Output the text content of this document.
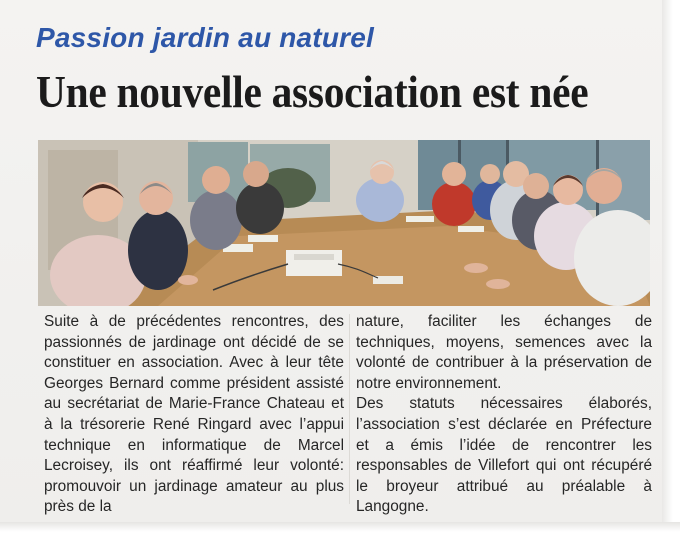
Passion jardin au naturel
Une nouvelle association est née

Suite à de précédentes rencontres, des passionnés de jardinage ont décidé de se constituer en association. Avec à leur tête Georges Bernard comme président assisté au secrétariat de Marie-France Chateau et à la trésorerie René Ringard avec l’appui technique en informatique de Marcel Lecroisey, ils ont réaffirmé leur volonté: promouvoir un jardinage amateur au plus près de la

nature, faciliter les échanges de techniques, moyens, semences avec la volonté de contribuer à la préservation de notre environnement.

Des statuts nécessaires élaborés, l’association s’est déclarée en Préfecture et a émis l’idée de rencontrer les responsables de Villefort qui ont récupéré le broyeur attribué au préalable à Langogne.
